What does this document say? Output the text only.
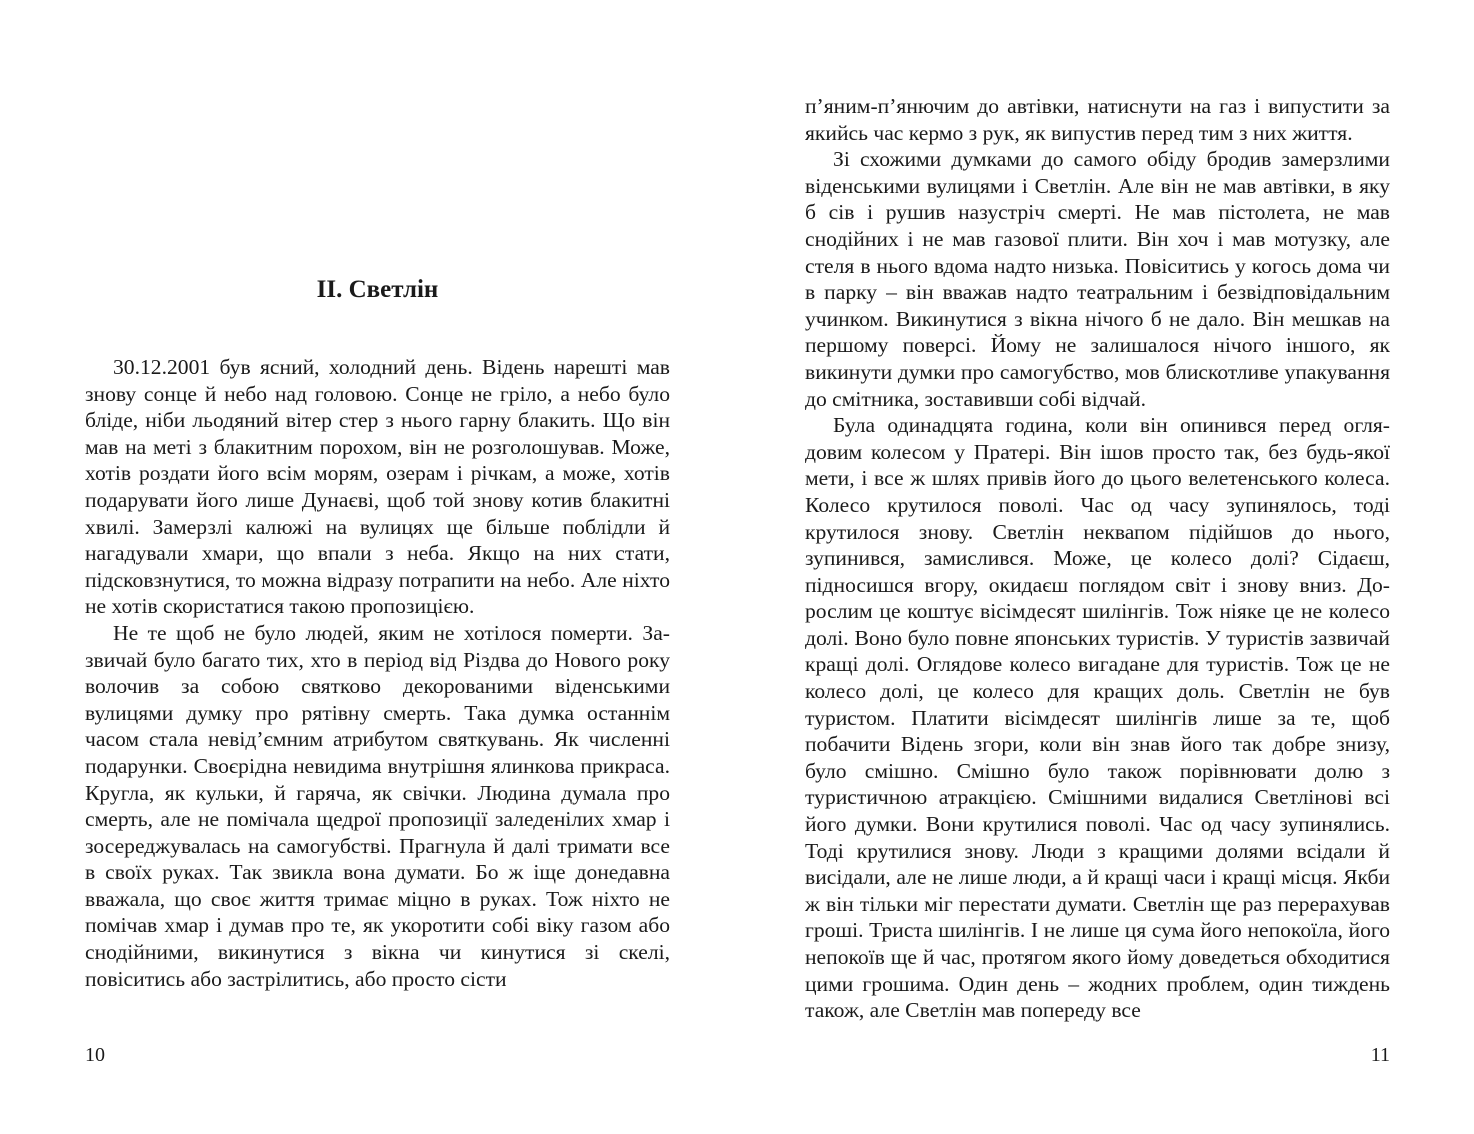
ІІ. Светлін

30.12.2001 був ясний, холодний день. Відень нарешті мав знову сонце й небо над головою. Сонце не гріло, а небо було бліде, ніби льодяний вітер стер з нього гарну блакить. Що він мав на меті з блакитним порохом, він не розголошував. Може, хотів роздати його всім морям, озерам і річкам, а може, хотів подарувати його лише Дунаєві, щоб той знову котив блакитні хвилі. Замерзлі калюжі на вулицях ще більше поблідли й нагадували хмари, що впали з неба. Якщо на них стати, підсковзнутися, то можна відразу потрапити на небо. Але ніхто не хотів скористатися такою пропозицією.

Не те щоб не було людей, яким не хотілося померти. Зазвичай було багато тих, хто в період від Різдва до Нового року волочив за собою святково декорованими віденськими вулицями думку про рятівну смерть. Така думка останнім часом стала невід’ємним атрибутом святкувань. Як численні подарунки. Своєрідна невидима внутрішня ялинкова прикраса. Кругла, як кульки, й гаряча, як свічки. Людина думала про смерть, але не помічала щедрої пропозиції заледенілих хмар і зосереджувалась на самогубстві. Прагнула й далі тримати все в своїх руках. Так звикла вона думати. Бо ж іще донедавна вважала, що своє життя тримає міцно в руках. Тож ніхто не помічав хмар і думав про те, як укоротити собі віку газом або снодійними, викинутися з вікна чи кинутися зі скелі, повіситись або застрілитись, або просто сісти

10

п’яним-п’янючим до автівки, натиснути на газ і випустити за якийсь час кермо з рук, як випустив перед тим з них життя.

Зі схожими думками до самого обіду бродив замерзлими віденськими вулицями і Светлін. Але він не мав автівки, в яку б сів і рушив назустріч смерті. Не мав пістолета, не мав снодійних і не мав газової плити. Він хоч і мав мотузку, але стеля в нього вдома надто низька. Повіситись у когось дома чи в парку – він вважав надто театральним і безвідповідальним учинком. Викинутися з вікна нічого б не дало. Він мешкав на першому поверсі. Йому не залишалося нічого іншого, як викинути думки про самогубство, мов блискотливе упакування до смітника, зоставивши собі відчай.

Була одинадцята година, коли він опинився перед оглядовим колесом у Пратері. Він ішов просто так, без будь-якої мети, і все ж шлях привів його до цього велетенського колеса. Колесо крутилося поволі. Час од часу зупинялось, тоді крутилося знову. Светлін неквапом підійшов до нього, зупинився, замислився. Може, це колесо долі? Сідаєш, підносишся вгору, окидаєш поглядом світ і знову вниз. Дорослим це коштує вісімдесят шилінгів. Тож ніяке це не колесо долі. Воно було повне японських туристів. У туристів зазвичай кращі долі. Оглядове колесо вигадане для туристів. Тож це не колесо долі, це колесо для кращих доль. Светлін не був туристом. Платити вісімдесят шилінгів лише за те, щоб побачити Відень згори, коли він знав його так добре знизу, було смішно. Смішно було також порівнювати долю з туристичною атракцією. Смішними видалися Светлінові всі його думки. Вони крутилися поволі. Час од часу зупинялись. Тоді крутилися знову. Люди з кращими долями всідали й висідали, але не лише люди, а й кращі часи і кращі місця. Якби ж він тільки міг перестати думати. Светлін ще раз перерахував гроші. Триста шилінгів. І не лише ця сума його непокоїла, його непокоїв ще й час, протягом якого йому доведеться обходитися цими грошима. Один день – жодних проблем, один тиждень також, але Светлін мав попереду все

11
